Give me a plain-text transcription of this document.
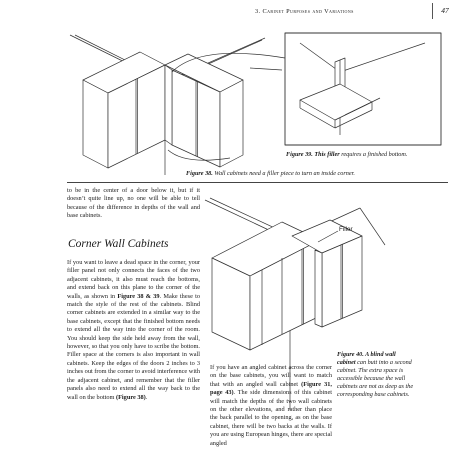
3. Cabinet Purposes and Variations	47
Filler
Figure 39. This filler requires a finished bottom.
Figure 38. Wall cabinets need a filler piece to turn an inside corner.
to be in the center of a door below it, but if it doesn’t quite line up, no one will be able to tell because of the difference in depths of the wall and base cabinets.
Corner Wall Cabinets
If you want to leave a dead space in the corner, your filler panel not only connects the faces of the two adjacent cabinets, it also must reach the bottoms, and extend back on this plane to the corner of the walls, as shown in Figure 38 & 39. Make these to match the style of the rest of the cabinets. Blind corner cabinets are extended in a similar way to the base cabinets, except that the finished bottom needs to extend all the way into the corner of the room. You should keep the side held away from the wall, however, so that you only have to scribe the bottom. Filler space at the corners is also important in wall cabinets. Keep the edges of the doors 2 inches to 3 inches out from the corner to avoid interference with the adjacent cabinet, and remember that the filler panels also need to extend all the way back to the wall on the bottom (Figure 38).
If you have an angled cabinet across the corner on the base cabinets, you will want to match that with an angled wall cabinet (Figure 31, page 43). The side dimensions of this cabinet will match the depths of the two wall cabinets on the other elevations, and rather than place the back parallel to the opening, as on the base cabinet, there will be two backs at the walls. If you are using European hinges, there are special angled
Figure 40. A blind wall cabinet can butt into a second cabinet. The extra space is accessible because the wall cabinets are not as deep as the corresponding base cabinets.
